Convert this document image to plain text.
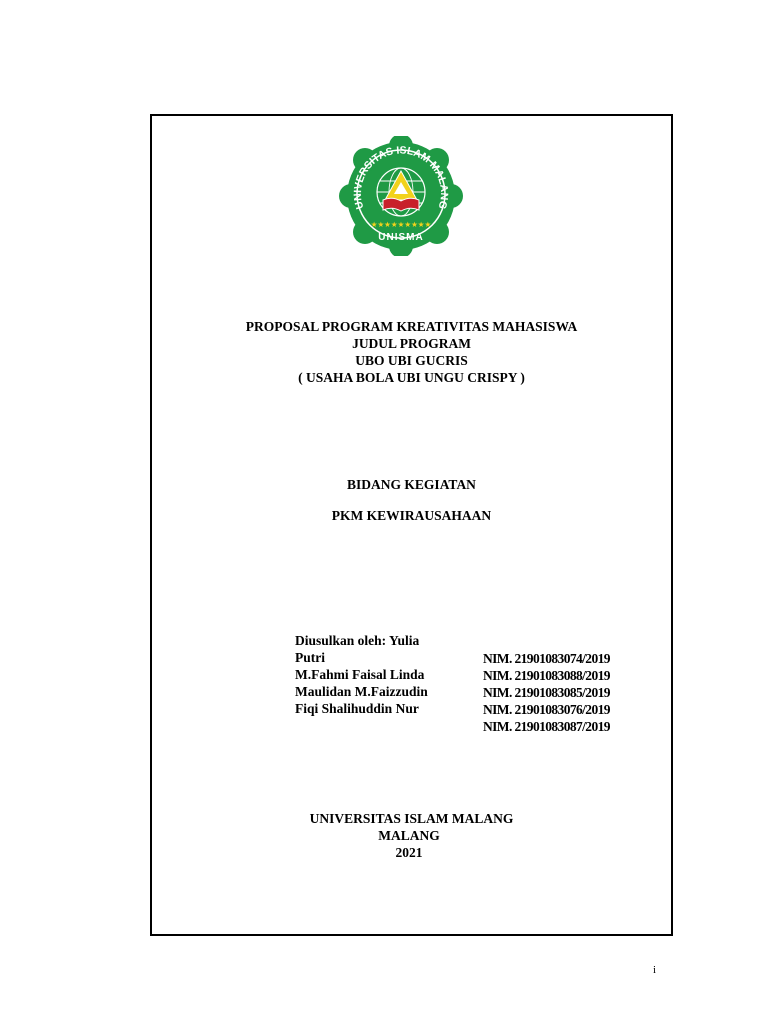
UNIVERSITAS ISLAM MALANG
★★★★★★★★★
UNISMA
PROPOSAL PROGRAM KREATIVITAS MAHASISWA
JUDUL PROGRAM
UBO UBI GUCRIS
( USAHA BOLA UBI UNGU CRISPY )
BIDANG KEGIATAN
PKM KEWIRAUSAHAAN
Diusulkan oleh: Yulia
Putri
M.Fahmi Faisal Linda
Maulidan M.Faizzudin
Fiqi Shalihuddin Nur
NIM. 21901083074/2019
NIM. 21901083088/2019
NIM. 21901083085/2019
NIM. 21901083076/2019
NIM. 21901083087/2019
UNIVERSITAS ISLAM MALANG
MALANG
2021
i
